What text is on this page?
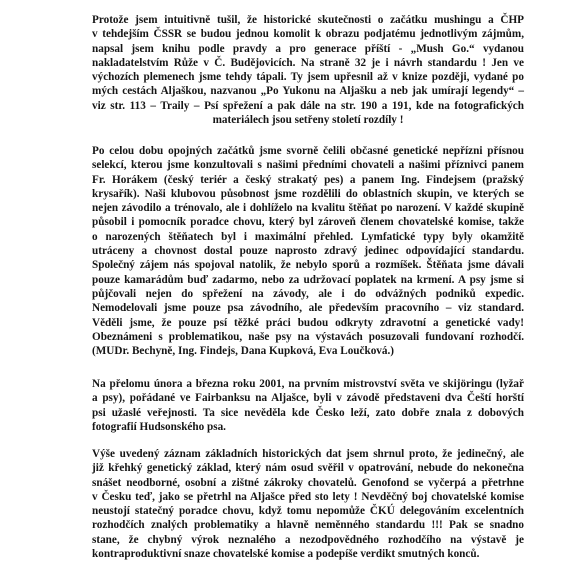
Protože jsem intuitivně tušil, že historické skutečnosti o začátku mushingu a ČHP
v tehdejším ČSSR se budou jednou komolit k obrazu podjatému jednotlivým zájmům,
napsal jsem knihu podle pravdy a pro generace příští - „Mush Go.“ vydanou
nakladatelstvím Růže v Č. Budějovicích. Na straně 32 je i návrh standardu ! Jen ve
výchozích plemenech jsme tehdy tápali. Ty jsem upřesnil až v knize později, vydané po
mých cestách Aljaškou, nazvanou „Po Yukonu na Aljašku a neb jak umírají legendy“ –
viz str. 113 – Traily – Psí spřežení a pak dále na str. 190 a 191, kde na fotografických
materiálech jsou setřeny století rozdíly !
Po celou dobu opojných začátků jsme svorně čelili občasné genetické nepřízni přísnou
selekcí, kterou jsme konzultovali s našimi předními chovateli a našimi příznivci panem
Fr. Horákem (český teriér a český strakatý pes) a panem Ing. Findejsem (pražský
krysařík). Naši klubovou působnost jsme rozdělili do oblastních skupin, ve kterých se
nejen závodilo a trénovalo, ale i dohlíželo na kvalitu štěňat po narození. V každé skupině
působil i pomocník poradce chovu, který byl zároveň členem chovatelské komise, takže
o narozených štěňatech byl i maximální přehled. Lymfatické typy byly okamžitě
utráceny a chovnost dostal pouze naprosto zdravý jedinec odpovídající standardu.
Společný zájem nás spojoval natolik, že nebylo sporů a rozmíšek. Štěňata jsme dávali
pouze kamarádům buď zadarmo, nebo za udržovací poplatek na krmení. A psy jsme si
půjčovali nejen do spřežení na závody, ale i do odvážných podniků expedic.
Nemodelovali jsme pouze psa závodního, ale především pracovního – viz standard.
Věděli jsme, že pouze psí těžké práci budou odkryty zdravotní a genetické vady!
Obeznámeni s problematikou, naše psy na výstavách posuzovali fundovaní rozhodčí.
(MUDr. Bechyně, Ing. Findejs, Dana Kupková, Eva Loučková.)
Na přelomu února a března roku 2001, na prvním mistrovství světa ve skijöringu (lyžař
a psy), pořádané ve Fairbanksu na Aljašce, byli v závodě představeni dva Čeští horští
psi užaslé veřejnosti. Ta sice nevěděla kde Česko leží, zato dobře znala z dobových
fotografií Hudsonského psa.
Výše uvedený záznam základních historických dat jsem shrnul proto, že jedinečný, ale
již křehký genetický základ, který nám osud svěřil v opatrování, nebude do nekonečna
snášet neodborné, osobní a zištné zákroky chovatelů. Genofond se vyčerpá a přetrhne
v Česku teď, jako se přetrhl na Aljašce před sto lety ! Nevděčný boj chovatelské komise
neustojí statečný poradce chovu, když tomu nepomůže ČKÚ delegováním excelentních
rozhodčích znalých problematiky a hlavně neměnného standardu !!! Pak se snadno
stane, že chybný výrok neznalého a nezodpovědného rozhodčího na výstavě je
kontraproduktivní snaze chovatelské komise a podepíše verdikt smutných konců.
